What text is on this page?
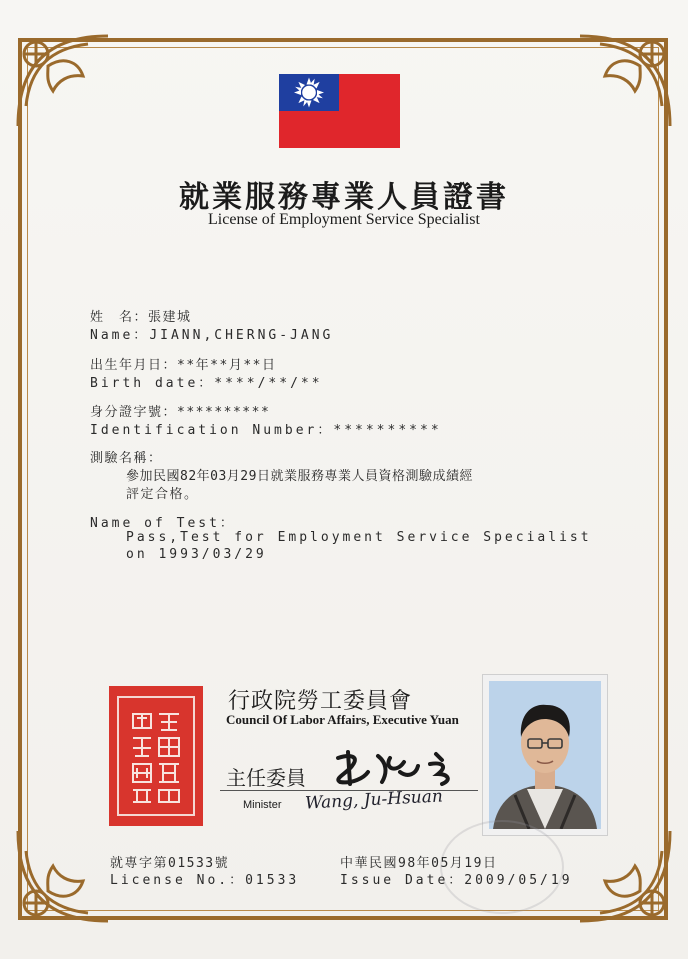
就業服務專業人員證書
License of Employment Service Specialist
姓　名：張建城
Name：JIANN,CHERNG-JANG
出生年月日：**年**月**日
Birth date：****/**/**
身分證字號：**********
Identification Number：**********
測驗名稱：
參加民國82年03月29日就業服務專業人員資格測驗成績經
評定合格。
Name of Test：
Pass,Test for Employment Service Specialist
on 1993/03/29
行政院勞工委員會
Council Of Labor Affairs, Executive Yuan
主任委員
Minister Wang, Ju-Hsuan
就專字第01533號
License No.：01533
中華民國98年05月19日
Issue Date：2009/05/19
